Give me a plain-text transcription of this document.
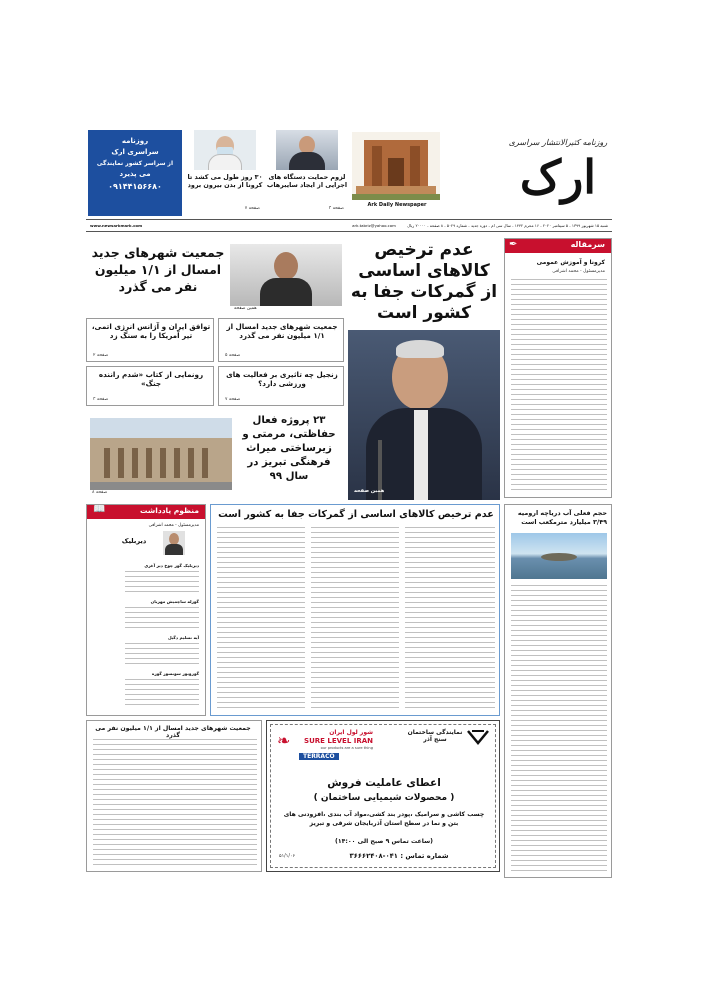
روزنامه کثیرالانتشار سراسری
ارک
Ark Daily Newspaper
لزوم حمایت دستگاه های اجرایی از ایجاد سایبرهاب
صفحه ۳
۳۰ روز طول می کشد تا کرونا از بدن بیرون برود
صفحه ۷
روزنامه
سراسری ارک
از سراسر کشور نمایندگی
می پذیرد
۰۹۱۴۴۱۵۶۶۸۰
شنبه ۱۵ شهریور ۱۳۹۹ - ۵ سپتامبر ۲۰۲۰ - ۱۶ محرم ۱۴۴۲ - سال سی ام - دوره جدید - شماره ۵۰۲۹ - ۸ صفحه - ۲۰۰۰۰ ریال ark.tabriz@yahoo.com
www.newsarkmark.com
سرمقاله
✒
کرونا و آموزش عمومی
مدیرمسئول - محمد اشرافی
عدم ترخیص کالاهای اساسی از گمرکات جفا به کشور است
همین صفحه
همین صفحه
جمعیت شهرهای جدید امسال از ۱/۱ میلیون نفر می گذرد
جمعیت شهرهای جدید امسال از ۱/۱ میلیون نفر می گذرد
صفحه ۵
توافق ایران و آژانس انرژی اتمی، تیر آمریکا را به سنگ زد
صفحه ۲
زنجیل چه تاثیری بر فعالیت های ورزشی دارد؟
صفحه ۷
رونمایی از کتاب «شدم راننده جنگ»
صفحه ۳
۲۳ پروژه فعال حفاظتی، مرمتی و زیرساختی میراث فرهنگی تبریز در سال ۹۹
صفحه ۸
حجم فعلی آب دریاچه ارومیه ۳/۴۹ میلیارد مترمکعب است
عدم ترخیص کالاهای اساسی از گمرکات جفا به کشور است
منظوم یادداشت
📖
مدیرمسئول - محمد اشرافی
دیربلیک
دیربلیک گوز چوخ دیر آغری
گوزله ساچمیش مهربان
آیه تسلیم دگیل
گورونور سونسوز گوزه
نمایندگی ساختمان سنج آذر
❧	شور لول ایران
SURE LEVEL IRAN
our products are a sure thing
TERRACO
اعطای عاملیت فروش
( محصولات شیمیایی ساختمان )
چسب کاشی و سرامیک ،پودر بند کشی،مواد آب بندی ،افزودنی های بتن و نما در سطح استان آذربایجان شرقی و تبریز
(ساعت تماس ۹ صبح الی ۱۴:۰۰)
شماره تماس : ۰۴۱-۳۶۶۶۲۴۰۸
۵۱/۱/۰۶
جمعیت شهرهای جدید امسال از ۱/۱ میلیون نفر می گذرد
